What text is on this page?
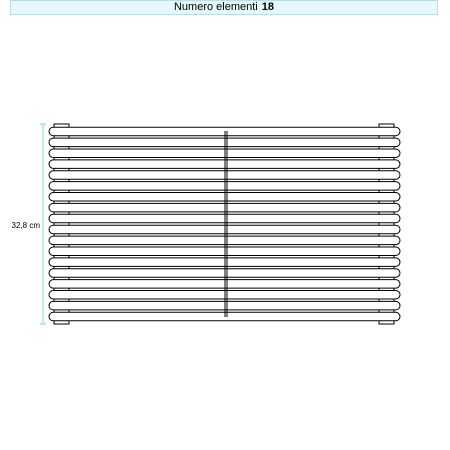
Numero elementi 18
32,8 cm
